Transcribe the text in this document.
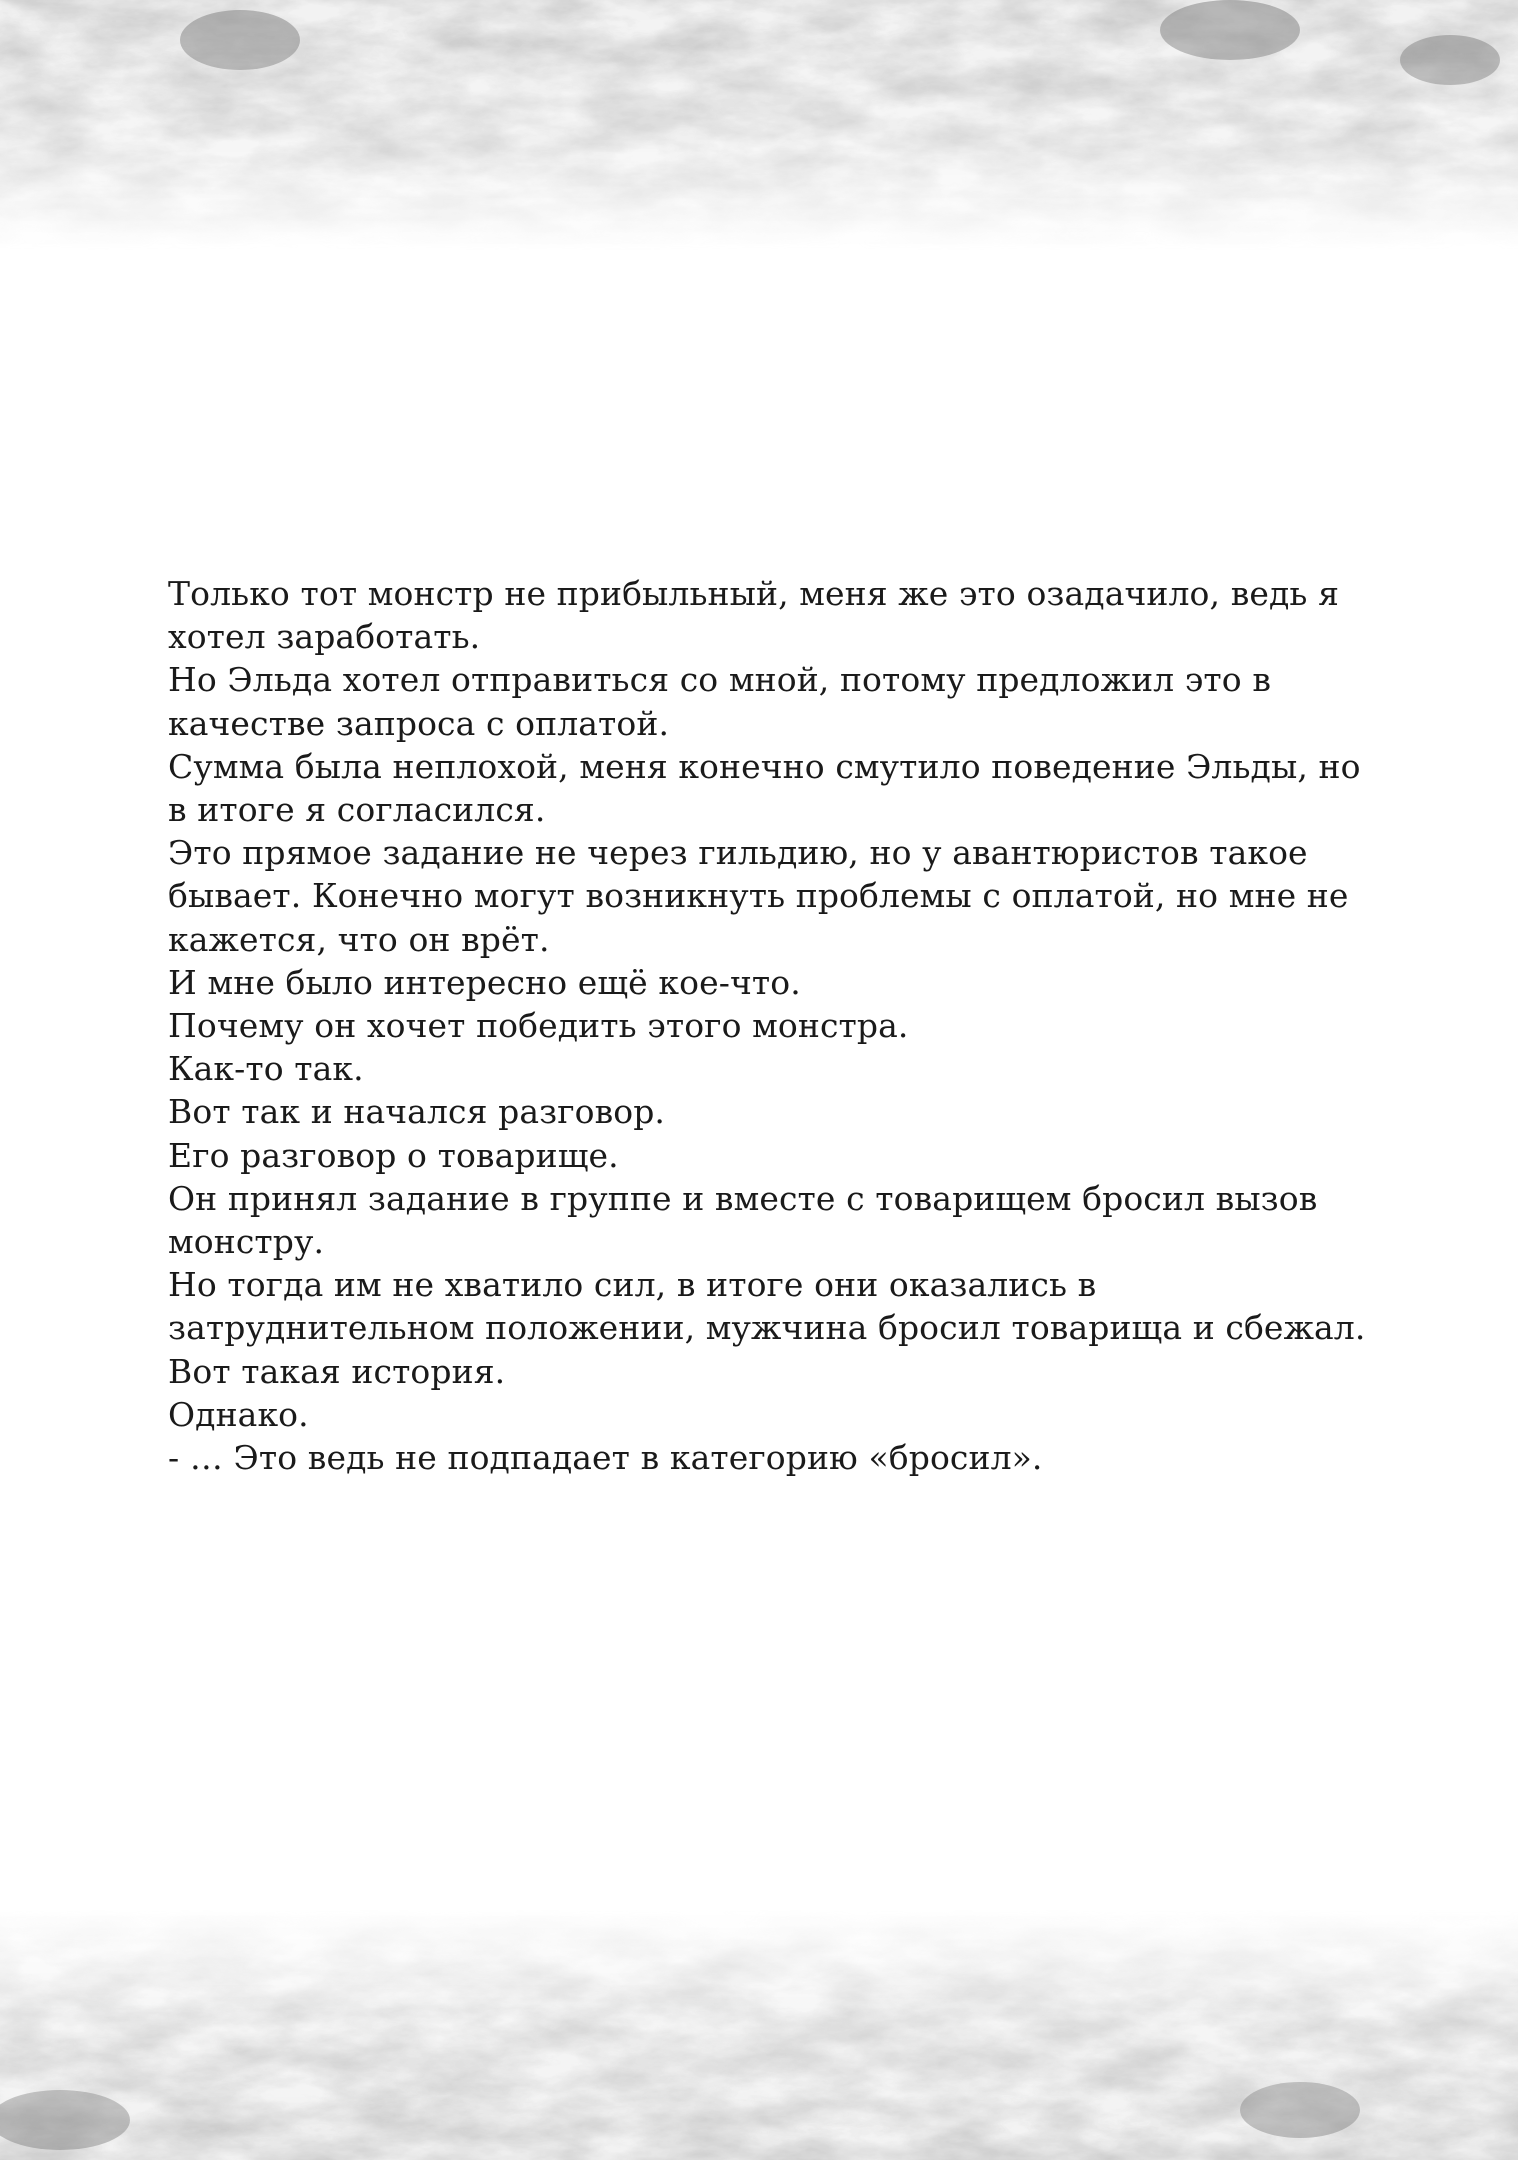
Только тот монстр не прибыльный, меня же это озадачило, ведь я хотел заработать.

Но Эльда хотел отправиться со мной, потому предложил это в качестве запроса с оплатой.

Сумма была неплохой, меня конечно смутило поведение Эльды, но в итоге я согласился.

Это прямое задание не через гильдию, но у авантюристов такое бывает. Конечно могут возникнуть проблемы с оплатой, но мне не кажется, что он врёт.

И мне было интересно ещё кое-что.

Почему он хочет победить этого монстра.

Как-то так.

Вот так и начался разговор.

Его разговор о товарище.

Он принял задание в группе и вместе с товарищем бросил вызов монстру.

Но тогда им не хватило сил, в итоге они оказались в затруднительном положении, мужчина бросил товарища и сбежал.

Вот такая история.

Однако.

- … Это ведь не подпадает в категорию «бросил».
